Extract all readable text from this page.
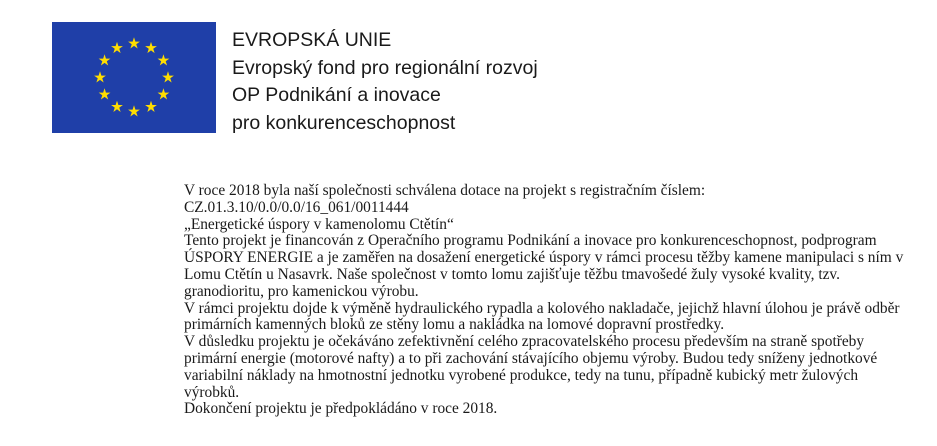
EVROPSKÁ UNIE
Evropský fond pro regionální rozvoj
OP Podnikání a inovace
pro konkurenceschopnost

V roce 2018 byla naší společnosti schválena dotace na projekt s registračním číslem: CZ.01.3.10/0.0/0.0/16_061/0011444

„Energetické úspory v kamenolomu Ctětín“

Tento projekt je financován z Operačního programu Podnikání a inovace pro konkurenceschopnost, podprogram ÚSPORY ENERGIE a je zaměřen na dosažení energetické úspory v rámci procesu těžby kamene manipulaci s ním v Lomu Ctětín u Nasavrk. Naše společnost v tomto lomu zajišťuje těžbu tmavošedé žuly vysoké kvality, tzv. granodioritu, pro kamenickou výrobu.

V rámci projektu dojde k výměně hydraulického rypadla a kolového nakladače, jejichž hlavní úlohou je právě odběr primárních kamenných bloků ze stěny lomu a nakládka na lomové dopravní prostředky.

V důsledku projektu je očekáváno zefektivnění celého zpracovatelského procesu především na straně spotřeby primární energie (motorové nafty) a to při zachování stávajícího objemu výroby. Budou tedy sníženy jednotkové variabilní náklady na hmotnostní jednotku vyrobené produkce, tedy na tunu, případně kubický metr žulových výrobků.

Dokončení projektu je předpokládáno v roce 2018.
